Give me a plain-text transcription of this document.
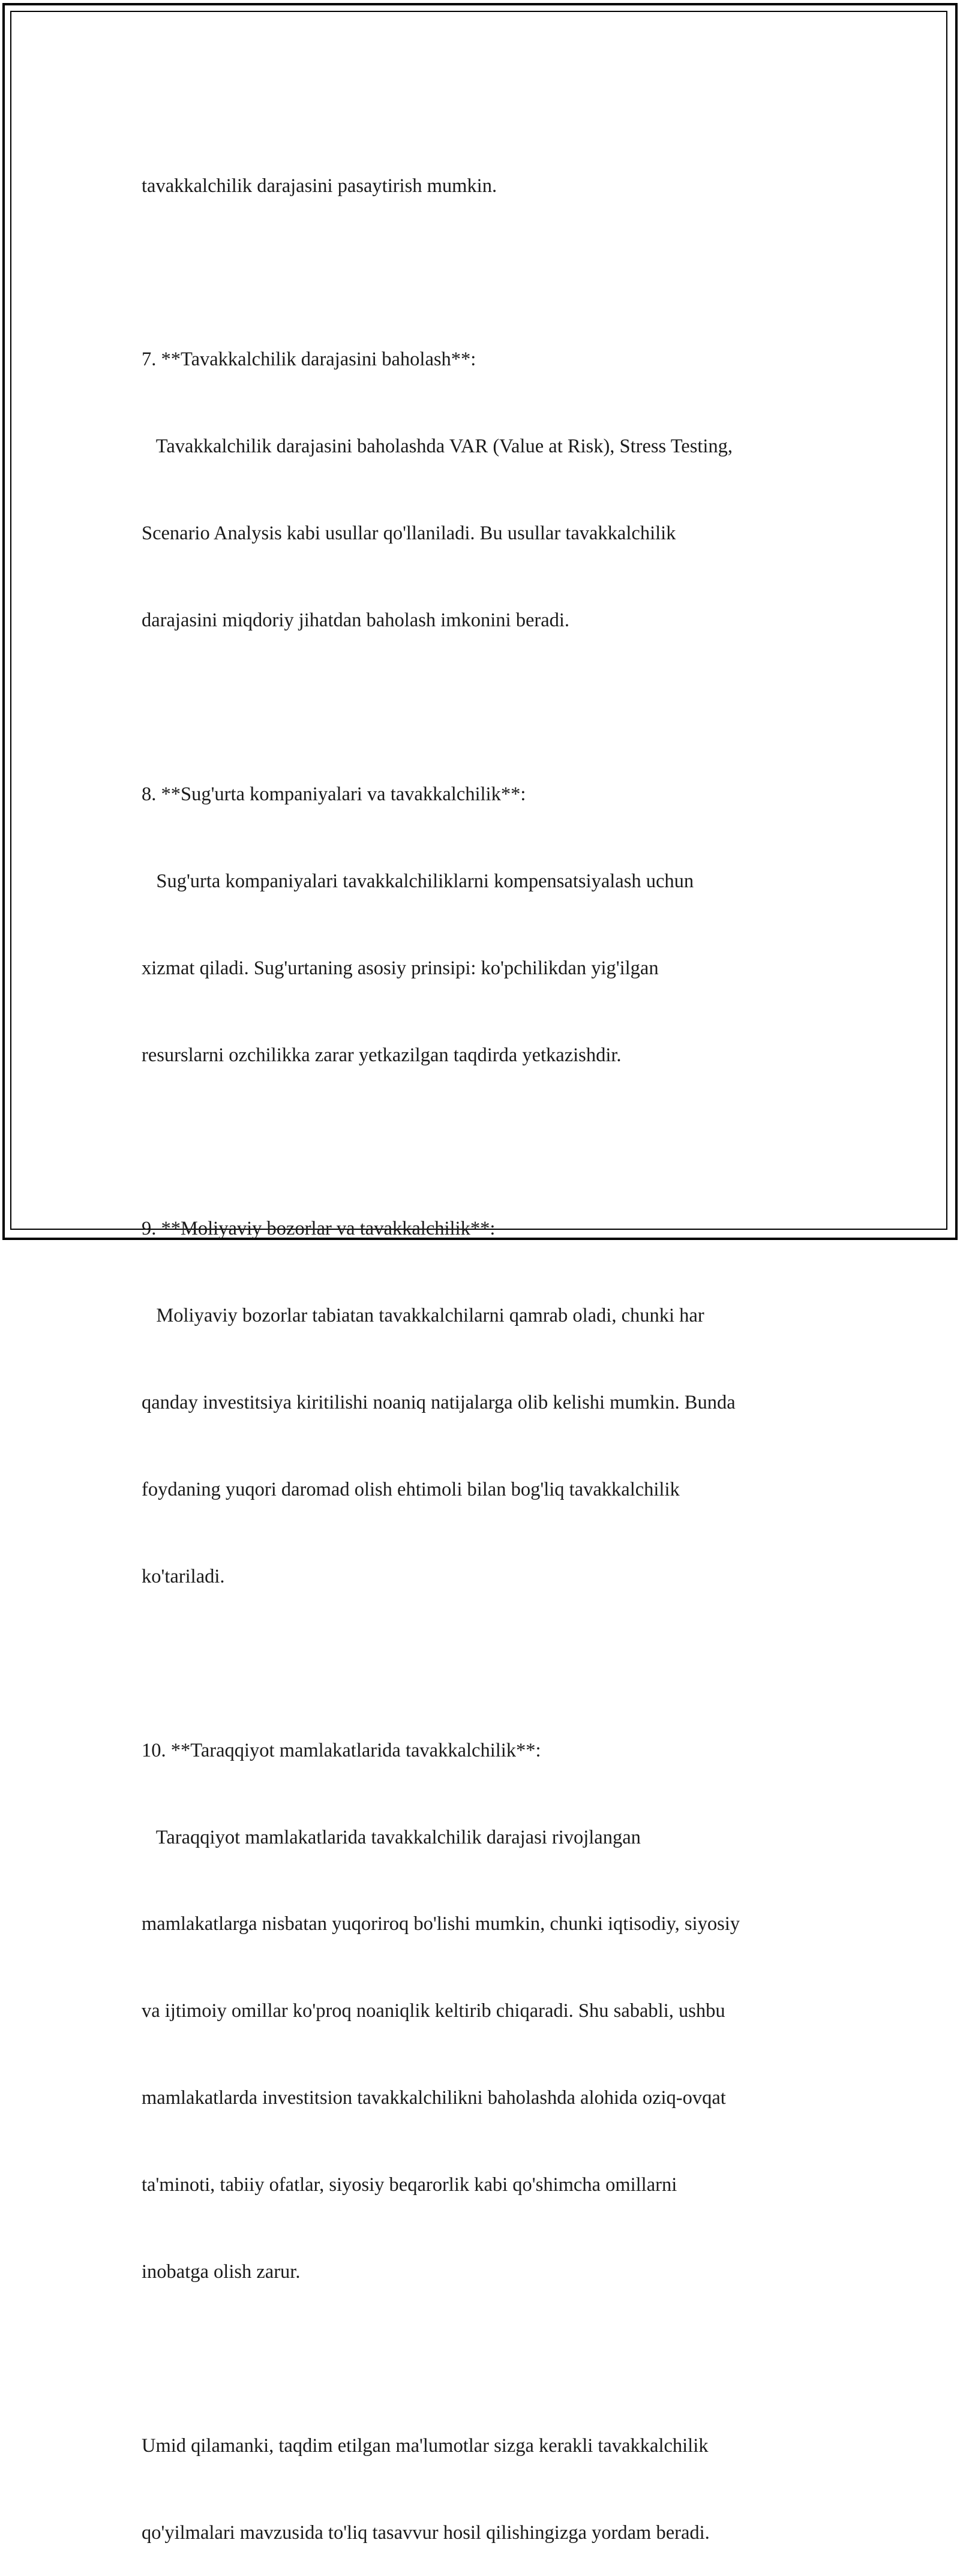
tavakkalchilik darajasini pasaytirish mumkin.

7. **Tavakkalchilik darajasini baholash**:

Tavakkalchilik darajasini baholashda VAR (Value at Risk), Stress Testing,

Scenario Analysis kabi usullar qo'llaniladi. Bu usullar tavakkalchilik

darajasini miqdoriy jihatdan baholash imkonini beradi.

8. **Sug'urta kompaniyalari va tavakkalchilik**:

Sug'urta kompaniyalari tavakkalchiliklarni kompensatsiyalash uchun

xizmat qiladi. Sug'urtaning asosiy prinsipi: ko'pchilikdan yig'ilgan

resurslarni ozchilikka zarar yetkazilgan taqdirda yetkazishdir.

9. **Moliyaviy bozorlar va tavakkalchilik**:

Moliyaviy bozorlar tabiatan tavakkalchilarni qamrab oladi, chunki har

qanday investitsiya kiritilishi noaniq natijalarga olib kelishi mumkin. Bunda

foydaning yuqori daromad olish ehtimoli bilan bog'liq tavakkalchilik

ko'tariladi.

10. **Taraqqiyot mamlakatlarida tavakkalchilik**:

Taraqqiyot mamlakatlarida tavakkalchilik darajasi rivojlangan

mamlakatlarga nisbatan yuqoriroq bo'lishi mumkin, chunki iqtisodiy, siyosiy

va ijtimoiy omillar ko'proq noaniqlik keltirib chiqaradi. Shu sababli, ushbu

mamlakatlarda investitsion tavakkalchilikni baholashda alohida oziq-ovqat

ta'minoti, tabiiy ofatlar, siyosiy beqarorlik kabi qo'shimcha omillarni

inobatga olish zarur.

Umid qilamanki, taqdim etilgan ma'lumotlar sizga kerakli tavakkalchilik

qo'yilmalari mavzusida to'liq tasavvur hosil qilishingizga yordam beradi.
